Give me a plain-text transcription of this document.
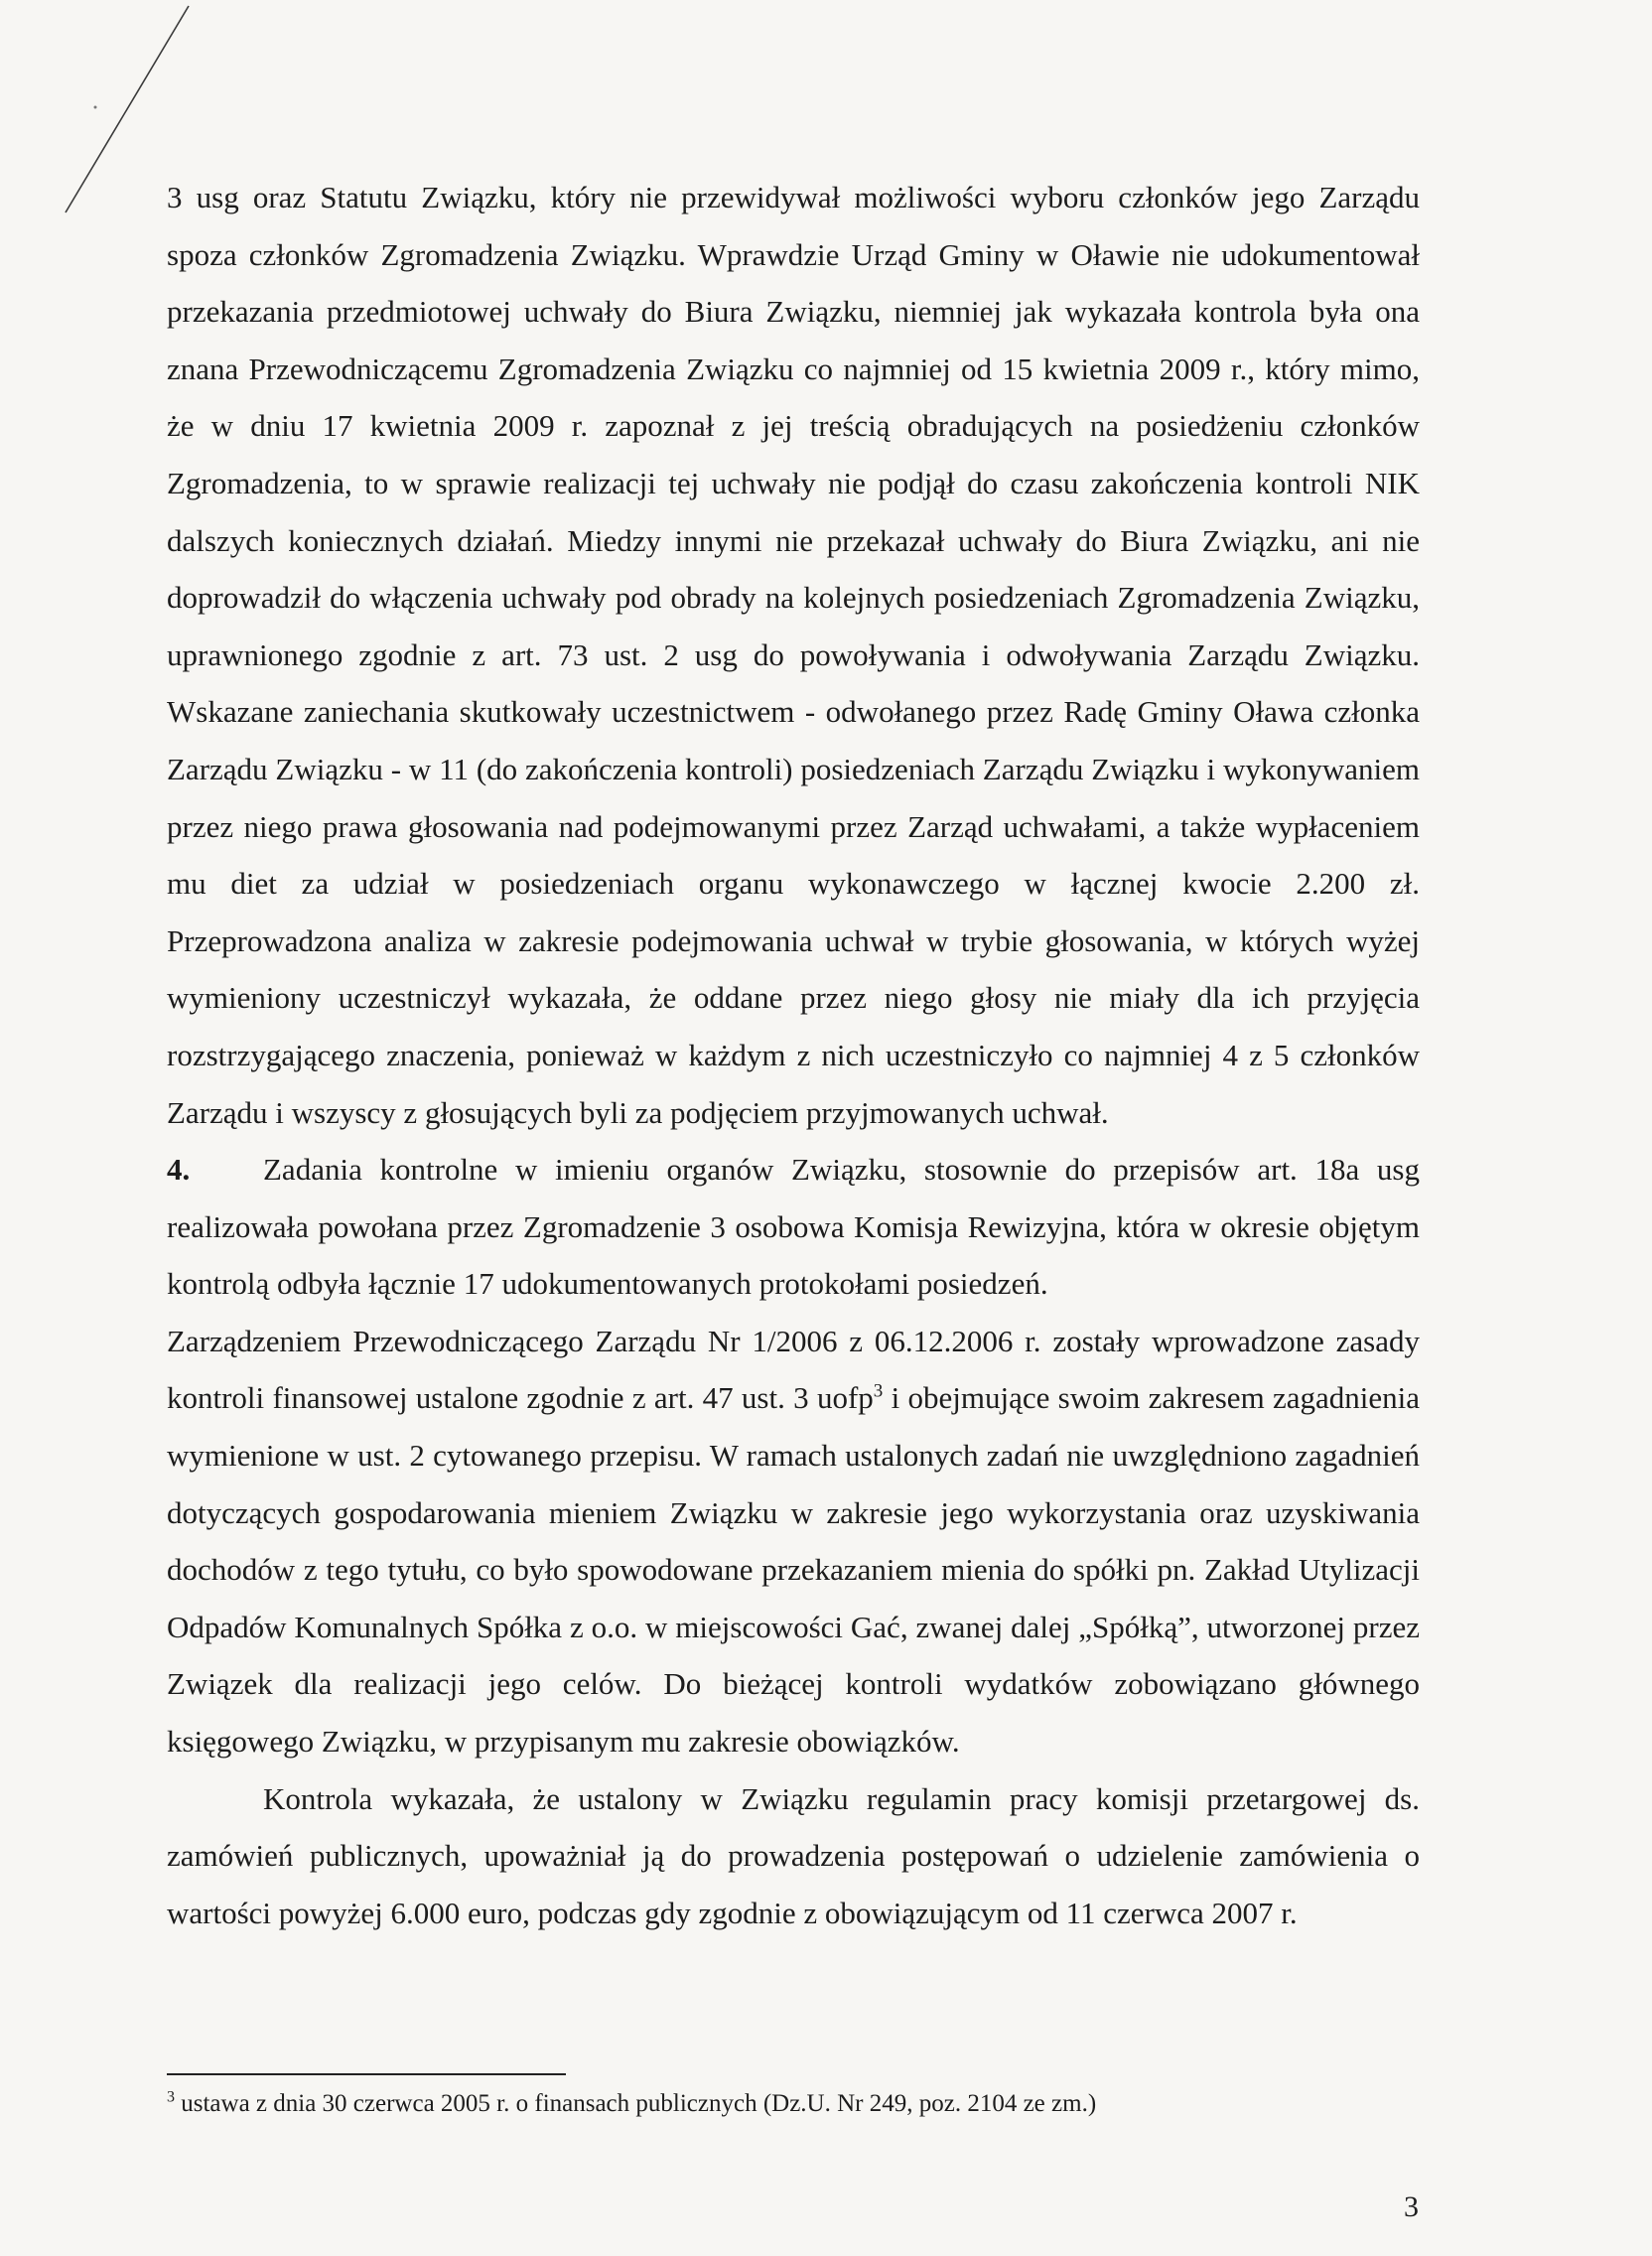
3 usg oraz Statutu Związku, który nie przewidywał możliwości wyboru członków jego Zarządu spoza członków Zgromadzenia Związku. Wprawdzie Urząd Gminy w Oławie nie udokumentował przekazania przedmiotowej uchwały do Biura Związku, niemniej jak wykazała kontrola była ona znana Przewodniczącemu Zgromadzenia Związku co najmniej od 15 kwietnia 2009 r., który mimo, że w dniu 17 kwietnia 2009 r. zapoznał z jej treścią obradujących na posiedżeniu członków Zgromadzenia, to w sprawie realizacji tej uchwały nie podjął do czasu zakończenia kontroli NIK dalszych koniecznych działań. Miedzy innymi nie przekazał uchwały do Biura Związku, ani nie doprowadził do włączenia uchwały pod obrady na kolejnych posiedzeniach Zgromadzenia Związku, uprawnionego zgodnie z art. 73 ust. 2 usg do powoływania i odwoływania Zarządu Związku. Wskazane zaniechania skutkowały uczestnictwem - odwołanego przez Radę Gminy Oława członka Zarządu Związku - w 11 (do zakończenia kontroli) posiedzeniach Zarządu Związku i wykonywaniem przez niego prawa głosowania nad podejmowanymi przez Zarząd uchwałami, a także wypłaceniem mu diet za udział w posiedzeniach organu wykonawczego w łącznej kwocie 2.200 zł. Przeprowadzona analiza w zakresie podejmowania uchwał w trybie głosowania, w których wyżej wymieniony uczestniczył wykazała, że oddane przez niego głosy nie miały dla ich przyjęcia rozstrzygającego znaczenia, ponieważ w każdym z nich uczestniczyło co najmniej 4 z 5 członków Zarządu i wszyscy z głosujących byli za podjęciem przyjmowanych uchwał.

4. Zadania kontrolne w imieniu organów Związku, stosownie do przepisów art. 18a usg realizowała powołana przez Zgromadzenie 3 osobowa Komisja Rewizyjna, która w okresie objętym kontrolą odbyła łącznie 17 udokumentowanych protokołami posiedzeń.

Zarządzeniem Przewodniczącego Zarządu Nr 1/2006 z 06.12.2006 r. zostały wprowadzone zasady kontroli finansowej ustalone zgodnie z art. 47 ust. 3 uofp$^3$ i obejmujące swoim zakresem zagadnienia wymienione w ust. 2 cytowanego przepisu. W ramach ustalonych zadań nie uwzględniono zagadnień dotyczących gospodarowania mieniem Związku w zakresie jego wykorzystania oraz uzyskiwania dochodów z tego tytułu, co było spowodowane przekazaniem mienia do spółki pn. Zakład Utylizacji Odpadów Komunalnych Spółka z o.o. w miejscowości Gać, zwanej dalej „Spółką”, utworzonej przez Związek dla realizacji jego celów. Do bieżącej kontroli wydatków zobowiązano głównego księgowego Związku, w przypisanym mu zakresie obowiązków.

Kontrola wykazała, że ustalony w Związku regulamin pracy komisji przetargowej ds. zamówień publicznych, upoważniał ją do prowadzenia postępowań o udzielenie zamówienia o wartości powyżej 6.000 euro, podczas gdy zgodnie z obowiązującym od 11 czerwca 2007 r.

$^3$ ustawa z dnia 30 czerwca 2005 r. o finansach publicznych (Dz.U. Nr 249, poz. 2104 ze zm.)

3
